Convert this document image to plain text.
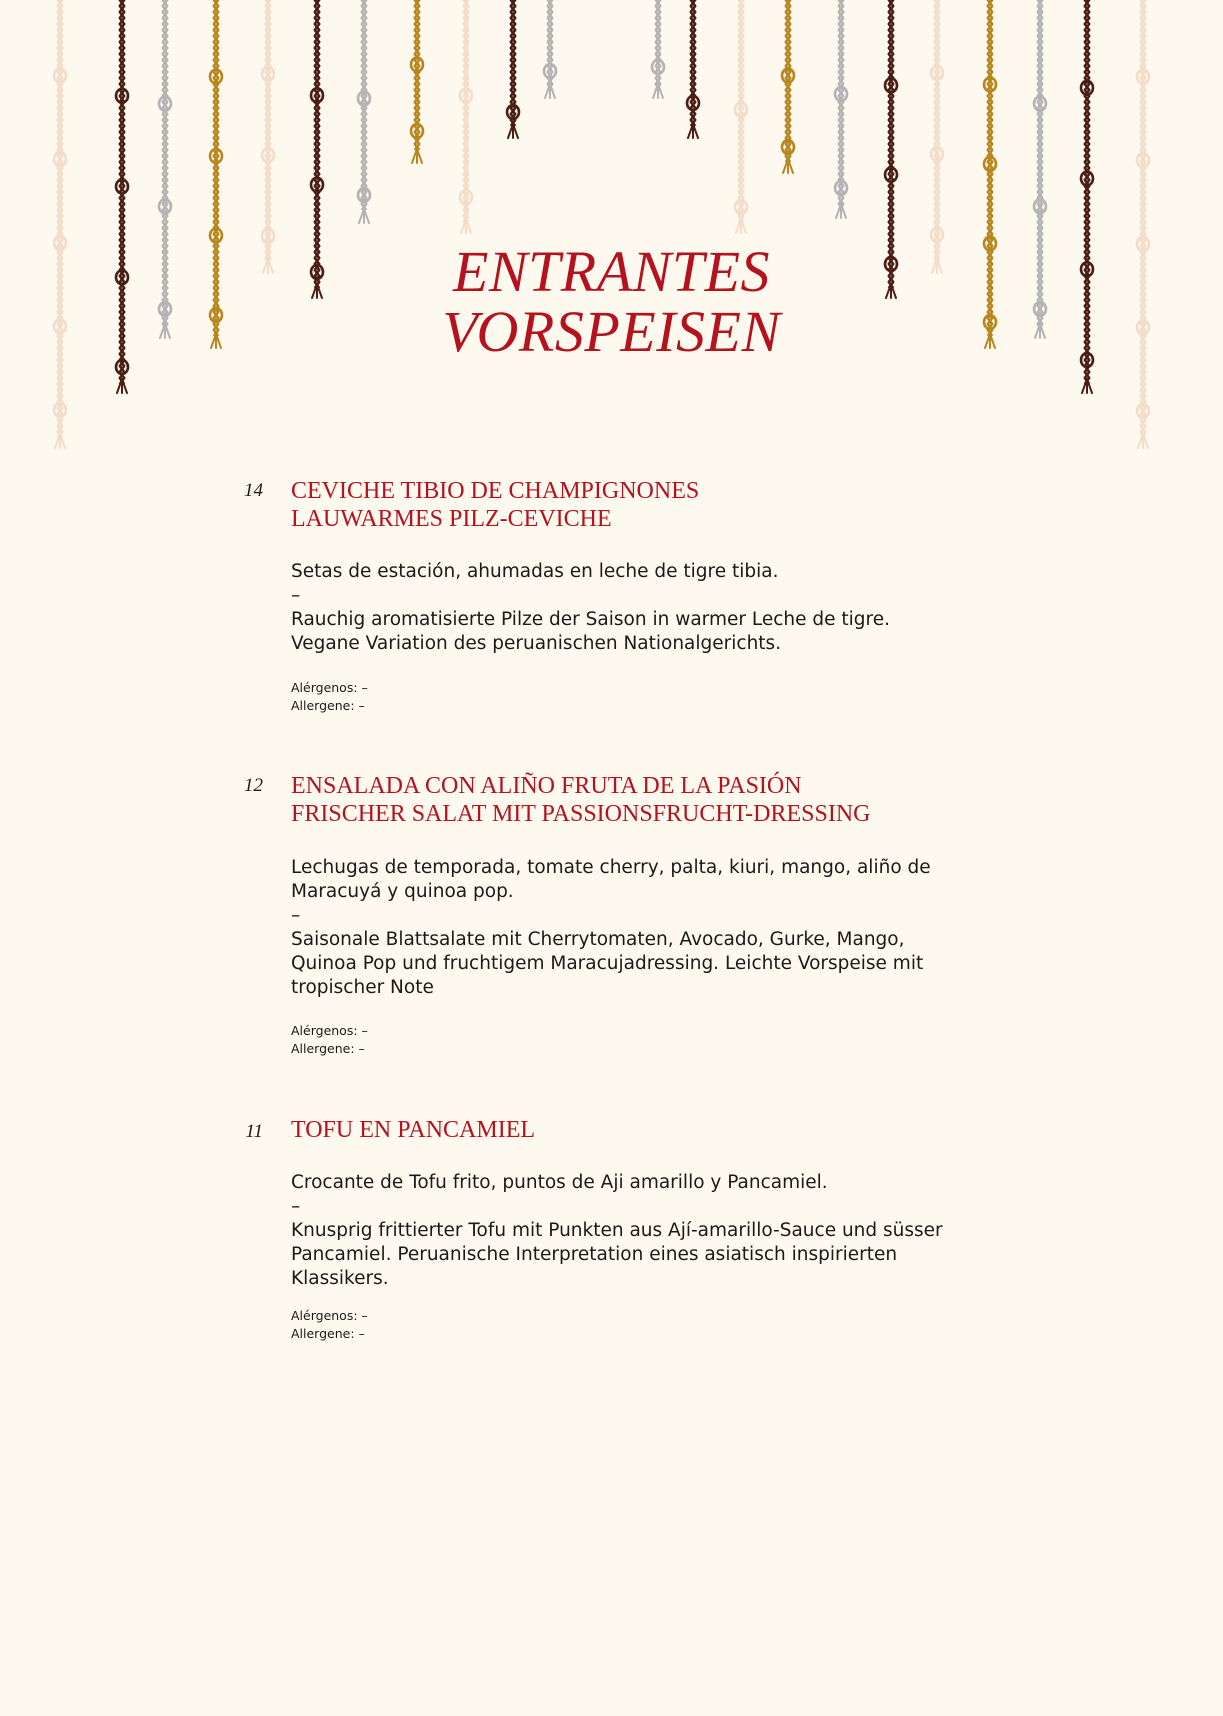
ENTRANTES
VORSPEISEN
14 CEVICHE TIBIO DE CHAMPIGNONES
LAUWARMES PILZ-CEVICHE

Setas de estación, ahumadas en leche de tigre tibia.

–

Rauchig aromatisierte Pilze der Saison in warmer Leche de tigre. Vegane Variation des peruanischen Nationalgerichts.

Alérgenos: –
Allergene: –
12 ENSALADA CON ALIÑO FRUTA DE LA PASIÓN
FRISCHER SALAT MIT PASSIONSFRUCHT-DRESSING

Lechugas de temporada, tomate cherry, palta, kiuri, mango, aliño de Maracuyá y quinoa pop.

–

Saisonale Blattsalate mit Cherrytomaten, Avocado, Gurke, Mango, Quinoa Pop und fruchtigem Maracujadressing. Leichte Vorspeise mit tropischer Note

Alérgenos: –
Allergene: –
11 TOFU EN PANCAMIEL

Crocante de Tofu frito, puntos de Aji amarillo y Pancamiel.

–

Knusprig frittierter Tofu mit Punkten aus Ají-amarillo-Sauce und süsser Pancamiel. Peruanische Interpretation eines asiatisch inspirierten Klassikers.

Alérgenos: –
Allergene: –
